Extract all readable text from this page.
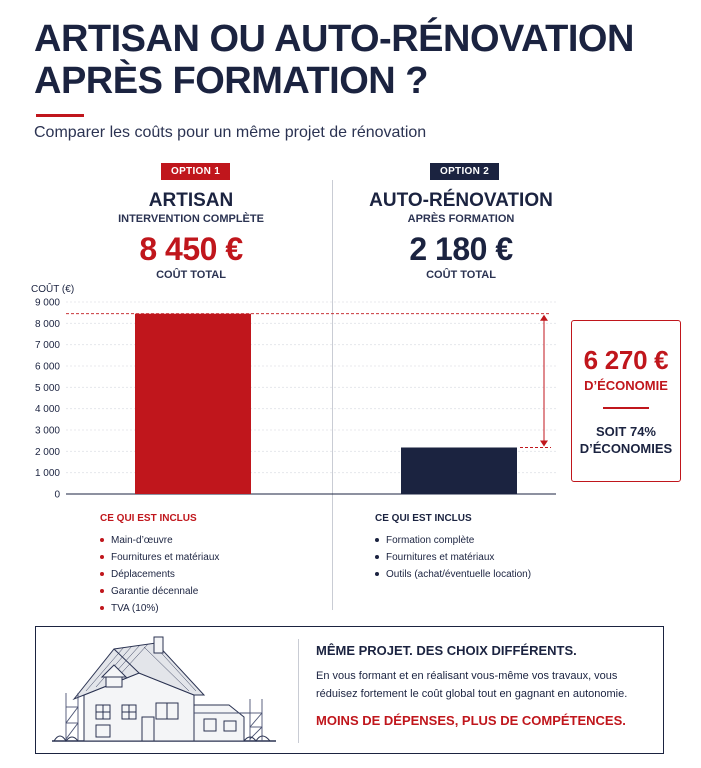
ARTISAN OU AUTO-RÉNOVATION
APRÈS FORMATION ?
Comparer les coûts pour un même projet de rénovation
OPTION 1	OPTION 2
ARTISAN
INTERVENTION COMPLÈTE
8 450 €
COÛT TOTAL
AUTO-RÉNOVATION
APRÈS FORMATION
2 180 €
COÛT TOTAL
COÛT (€)
0
1 000
2 000
3 000
4 000
5 000
6 000
7 000
8 000
9 000
6 270 €
D’ÉCONOMIE
SOIT 74%
D’ÉCONOMIES
CE QUI EST INCLUS
Main-d’œuvre
Fournitures et matériaux
Déplacements
Garantie décennale
TVA (10%)
CE QUI EST INCLUS
Formation complète
Fournitures et matériaux
Outils (achat/éventuelle location)
MÊME PROJET. DES CHOIX DIFFÉRENTS.
En vous formant et en réalisant vous-même vos travaux, vous réduisez fortement le coût global tout en gagnant en autonomie.
MOINS DE DÉPENSES, PLUS DE COMPÉTENCES.
